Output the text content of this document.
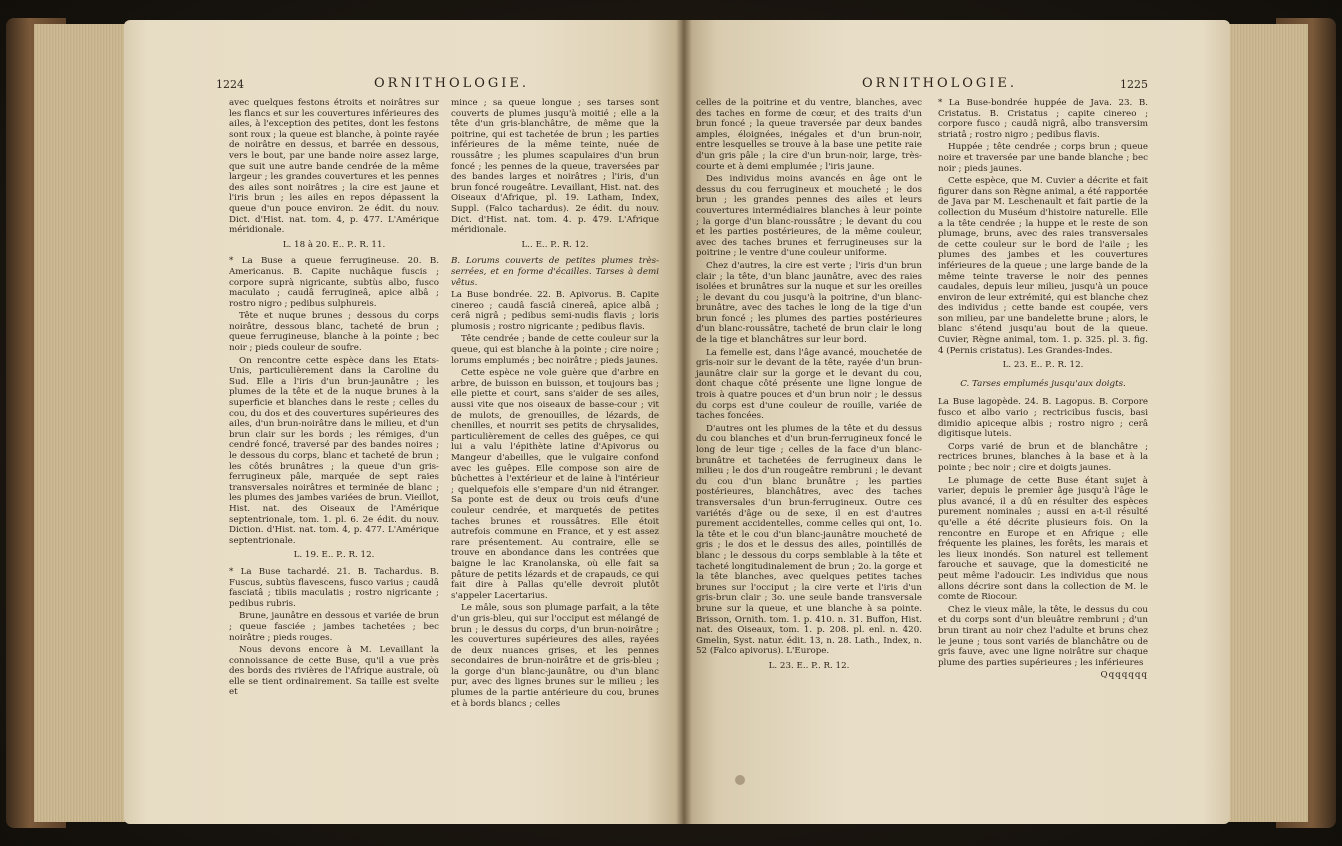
1224	ORNITHOLOGIE.

avec quelques festons étroits et noirâtres sur les flancs et sur les couvertures inférieures des ailes, à l'exception des petites, dont les festons sont roux ; la queue est blanche, à pointe rayée de noirâtre en dessus, et barrée en dessous, vers le bout, par une bande noire assez large, que suit une autre bande cendrée de la même largeur ; les grandes couvertures et les pennes des ailes sont noirâtres ; la cire est jaune et l'iris brun ; les ailes en repos dépassent la queue d'un pouce environ. 2e édit. du nouv. Dict. d'Hist. nat. tom. 4, p. 477. L'Amérique méridionale.

L. 18 à 20. E.. P.. R. 11.

* La Buse a queue ferrugineuse. 20. B. Americanus. B. Capite nuchâque fuscis ; corpore suprà nigricante, subtùs albo, fusco maculato ; caudâ ferrugineâ, apice albâ ; rostro nigro ; pedibus sulphureis.

Tête et nuque brunes ; dessous du corps noirâtre, dessous blanc, tacheté de brun ; queue ferrugineuse, blanche à la pointe ; bec noir ; pieds couleur de soufre.

On rencontre cette espèce dans les Etats-Unis, particulièrement dans la Caroline du Sud. Elle a l'iris d'un brun-jaunâtre ; les plumes de la tête et de la nuque brunes à la superficie et blanches dans le reste ; celles du cou, du dos et des couvertures supérieures des ailes, d'un brun-noirâtre dans le milieu, et d'un brun clair sur les bords ; les rémiges, d'un cendré foncé, traversé par des bandes noires ; le dessous du corps, blanc et tacheté de brun ; les côtés brunâtres ; la queue d'un gris-ferrugineux pâle, marquée de sept raies transversales noirâtres et terminée de blanc ; les plumes des jambes variées de brun. Vieillot, Hist. nat. des Oiseaux de l'Amérique septentrionale, tom. 1. pl. 6. 2e édit. du nouv. Diction. d'Hist. nat. tom. 4, p. 477. L'Amérique septentrionale.

L. 19. E.. P.. R. 12.

* La Buse tachardé. 21. B. Tachardus. B. Fuscus, subtùs flavescens, fusco varius ; caudâ fasciatâ ; tibiis maculatis ; rostro nigricante ; pedibus rubris.

Brune, jaunâtre en dessous et variée de brun ; queue fasciée ; jambes tachetées ; bec noirâtre ; pieds rouges.

Nous devons encore à M. Levaillant la connoissance de cette Buse, qu'il a vue près des bords des rivières de l'Afrique australe, où elle se tient ordinairement. Sa taille est svelte et

mince ; sa queue longue ; ses tarses sont couverts de plumes jusqu'à moitié ; elle a la tête d'un gris-blanchâtre, de même que la poitrine, qui est tachetée de brun ; les parties inférieures de la même teinte, nuée de roussâtre ; les plumes scapulaires d'un brun foncé ; les pennes de la queue, traversées par des bandes larges et noirâtres ; l'iris, d'un brun foncé rougeâtre. Levaillant, Hist. nat. des Oiseaux d'Afrique, pl. 19. Latham, Index, Suppl. (Falco tachardus). 2e édit. du nouv. Dict. d'Hist. nat. tom. 4. p. 479. L'Afrique méridionale.

L.. E.. P.. R. 12.

B. Lorums couverts de petites plumes très-serrées, et en forme d'écailles. Tarses à demi vêtus.

La Buse bondrée. 22. B. Apivorus. B. Capite cinereo ; caudâ fasciâ cinereâ, apice albâ ; cerâ nigrâ ; pedibus semi-nudis flavis ; loris plumosis ; rostro nigricante ; pedibus flavis.

Tête cendrée ; bande de cette couleur sur la queue, qui est blanche à la pointe ; cire noire ; lorums emplumés ; bec noirâtre ; pieds jaunes.

Cette espèce ne vole guère que d'arbre en arbre, de buisson en buisson, et toujours bas ; elle piette et court, sans s'aider de ses ailes, aussi vite que nos oiseaux de basse-cour ; vit de mulots, de grenouilles, de lézards, de chenilles, et nourrit ses petits de chrysalides, particulièrement de celles des guêpes, ce qui lui a valu l'épithète latine d'Apivorus ou Mangeur d'abeilles, que le vulgaire confond avec les guêpes. Elle compose son aire de bûchettes à l'extérieur et de laine à l'intérieur ; quelquefois elle s'empare d'un nid étranger. Sa ponte est de deux ou trois œufs d'une couleur cendrée, et marquetés de petites taches brunes et roussâtres. Elle étoit autrefois commune en France, et y est assez rare présentement. Au contraire, elle se trouve en abondance dans les contrées que baigne le lac Kranolanska, où elle fait sa pâture de petits lézards et de crapauds, ce qui fait dire à Pallas qu'elle devroit plutôt s'appeler Lacertarius.

Le mâle, sous son plumage parfait, a la tête d'un gris-bleu, qui sur l'occiput est mélangé de brun ; le dessus du corps, d'un brun-noirâtre ; les couvertures supérieures des ailes, rayées de deux nuances grises, et les pennes secondaires de brun-noirâtre et de gris-bleu ; la gorge d'un blanc-jaunâtre, ou d'un blanc pur, avec des lignes brunes sur le milieu ; les plumes de la partie antérieure du cou, brunes et à bords blancs ; celles

ORNITHOLOGIE.	1225

celles de la poitrine et du ventre, blanches, avec des taches en forme de cœur, et des traits d'un brun foncé ; la queue traversée par deux bandes amples, éloignées, inégales et d'un brun-noir, entre lesquelles se trouve à la base une petite raie d'un gris pâle ; la cire d'un brun-noir, large, très-courte et à demi emplumée ; l'iris jaune.

Des individus moins avancés en âge ont le dessus du cou ferrugineux et moucheté ; le dos brun ; les grandes pennes des ailes et leurs couvertures intermédiaires blanches à leur pointe ; la gorge d'un blanc-roussâtre ; le devant du cou et les parties postérieures, de la même couleur, avec des taches brunes et ferrugineuses sur la poitrine ; le ventre d'une couleur uniforme.

Chez d'autres, la cire est verte ; l'iris d'un brun clair ; la tête, d'un blanc jaunâtre, avec des raies isolées et brunâtres sur la nuque et sur les oreilles ; le devant du cou jusqu'à la poitrine, d'un blanc-brunâtre, avec des taches le long de la tige d'un brun foncé ; les plumes des parties postérieures d'un blanc-roussâtre, tacheté de brun clair le long de la tige et blanchâtres sur leur bord.

La femelle est, dans l'âge avancé, mouchetée de gris-noir sur le devant de la tête, rayée d'un brun-jaunâtre clair sur la gorge et le devant du cou, dont chaque côté présente une ligne longue de trois à quatre pouces et d'un brun noir ; le dessus du corps est d'une couleur de rouille, variée de taches foncées.

D'autres ont les plumes de la tête et du dessus du cou blanches et d'un brun-ferrugineux foncé le long de leur tige ; celles de la face d'un blanc-brunâtre et tachetées de ferrugineux dans le milieu ; le dos d'un rougeâtre rembruni ; le devant du cou d'un blanc brunâtre ; les parties postérieures, blanchâtres, avec des taches transversales d'un brun-ferrugineux. Outre ces variétés d'âge ou de sexe, il en est d'autres purement accidentelles, comme celles qui ont, 1o. la tête et le cou d'un blanc-jaunâtre moucheté de gris ; le dos et le dessus des ailes, pointillés de blanc ; le dessous du corps semblable à la tête et tacheté longitudinalement de brun ; 2o. la gorge et la tête blanches, avec quelques petites taches brunes sur l'occiput ; la cire verte et l'iris d'un gris-brun clair ; 3o. une seule bande transversale brune sur la queue, et une blanche à sa pointe. Brisson, Ornith. tom. 1. p. 410. n. 31. Buffon, Hist. nat. des Oiseaux, tom. 1. p. 208. pl. enl. n. 420. Gmelin, Syst. natur. édit. 13, n. 28. Lath., Index, n. 52 (Falco apivorus). L'Europe.

L. 23. E.. P.. R. 12.

* La Buse-bondrée huppée de Java. 23. B. Cristatus. B. Cristatus ; capite cinereo ; corpore fusco ; caudâ nigrâ, albo transversim striatâ ; rostro nigro ; pedibus flavis.

Huppée ; tête cendrée ; corps brun ; queue noire et traversée par une bande blanche ; bec noir ; pieds jaunes.

Cette espèce, que M. Cuvier a décrite et fait figurer dans son Règne animal, a été rapportée de Java par M. Leschenault et fait partie de la collection du Muséum d'histoire naturelle. Elle a la tête cendrée ; la huppe et le reste de son plumage, bruns, avec des raies transversales de cette couleur sur le bord de l'aile ; les plumes des jambes et les couvertures inférieures de la queue ; une large bande de la même teinte traverse le noir des pennes caudales, depuis leur milieu, jusqu'à un pouce environ de leur extrémité, qui est blanche chez des individus ; cette bande est coupée, vers son milieu, par une bandelette brune ; alors, le blanc s'étend jusqu'au bout de la queue. Cuvier, Règne animal, tom. 1. p. 325. pl. 3. fig. 4 (Pernis cristatus). Les Grandes-Indes.

L. 23. E.. P.. R. 12.

C. Tarses emplumés jusqu'aux doigts.

La Buse lagopède. 24. B. Lagopus. B. Corpore fusco et albo vario ; rectricibus fuscis, basi dimidio apiceque albis ; rostro nigro ; cerâ digitisque luteis.

Corps varié de brun et de blanchâtre ; rectrices brunes, blanches à la base et à la pointe ; bec noir ; cire et doigts jaunes.

Le plumage de cette Buse étant sujet à varier, depuis le premier âge jusqu'à l'âge le plus avancé, il a dû en résulter des espèces purement nominales ; aussi en a-t-il résulté qu'elle a été décrite plusieurs fois. On la rencontre en Europe et en Afrique ; elle fréquente les plaines, les forêts, les marais et les lieux inondés. Son naturel est tellement farouche et sauvage, que la domesticité ne peut même l'adoucir. Les individus que nous allons décrire sont dans la collection de M. le comte de Riocour.

Chez le vieux mâle, la tête, le dessus du cou et du corps sont d'un bleuâtre rembruni ; d'un brun tirant au noir chez l'adulte et bruns chez le jeune ; tous sont variés de blanchâtre ou de gris fauve, avec une ligne noirâtre sur chaque plume des parties supérieures ; les inférieures

Qqqqqqq
